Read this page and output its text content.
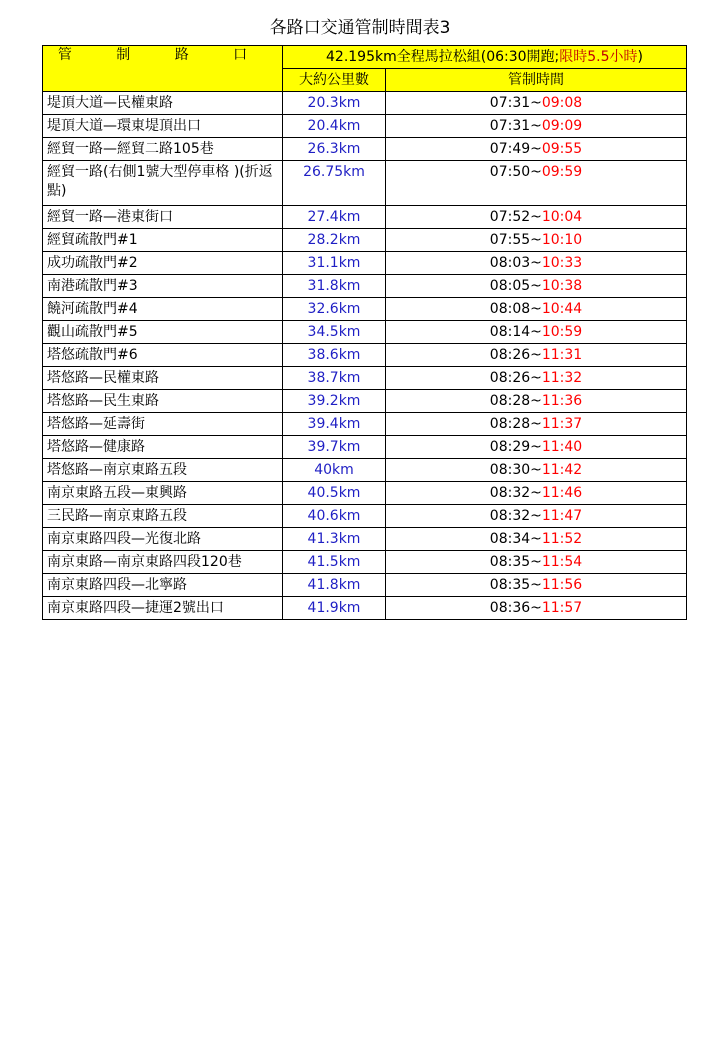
各路口交通管制時間表3
管 制 路 口	42.195km全程馬拉松組(06:30開跑;限時5.5小時)	
	大約公里數	管制時間
堤頂大道—民權東路	20.3km	07:31~09:08
堤頂大道—環東堤頂出口	20.4km	07:31~09:09
經貿一路—經貿二路105巷	26.3km	07:49~09:55
經貿一路(右側1號大型停車格 )(折返點)	26.75km	07:50~09:59
經貿一路—港東街口	27.4km	07:52~10:04
經貿疏散門#1	28.2km	07:55~10:10
成功疏散門#2	31.1km	08:03~10:33
南港疏散門#3	31.8km	08:05~10:38
饒河疏散門#4	32.6km	08:08~10:44
觀山疏散門#5	34.5km	08:14~10:59
塔悠疏散門#6	38.6km	08:26~11:31
塔悠路—民權東路	38.7km	08:26~11:32
塔悠路—民生東路	39.2km	08:28~11:36
塔悠路—延壽街	39.4km	08:28~11:37
塔悠路—健康路	39.7km	08:29~11:40
塔悠路—南京東路五段	40km	08:30~11:42
南京東路五段—東興路	40.5km	08:32~11:46
三民路—南京東路五段	40.6km	08:32~11:47
南京東路四段—光復北路	41.3km	08:34~11:52
南京東路—南京東路四段120巷	41.5km	08:35~11:54
南京東路四段—北寧路	41.8km	08:35~11:56
南京東路四段—捷運2號出口	41.9km	08:36~11:57
